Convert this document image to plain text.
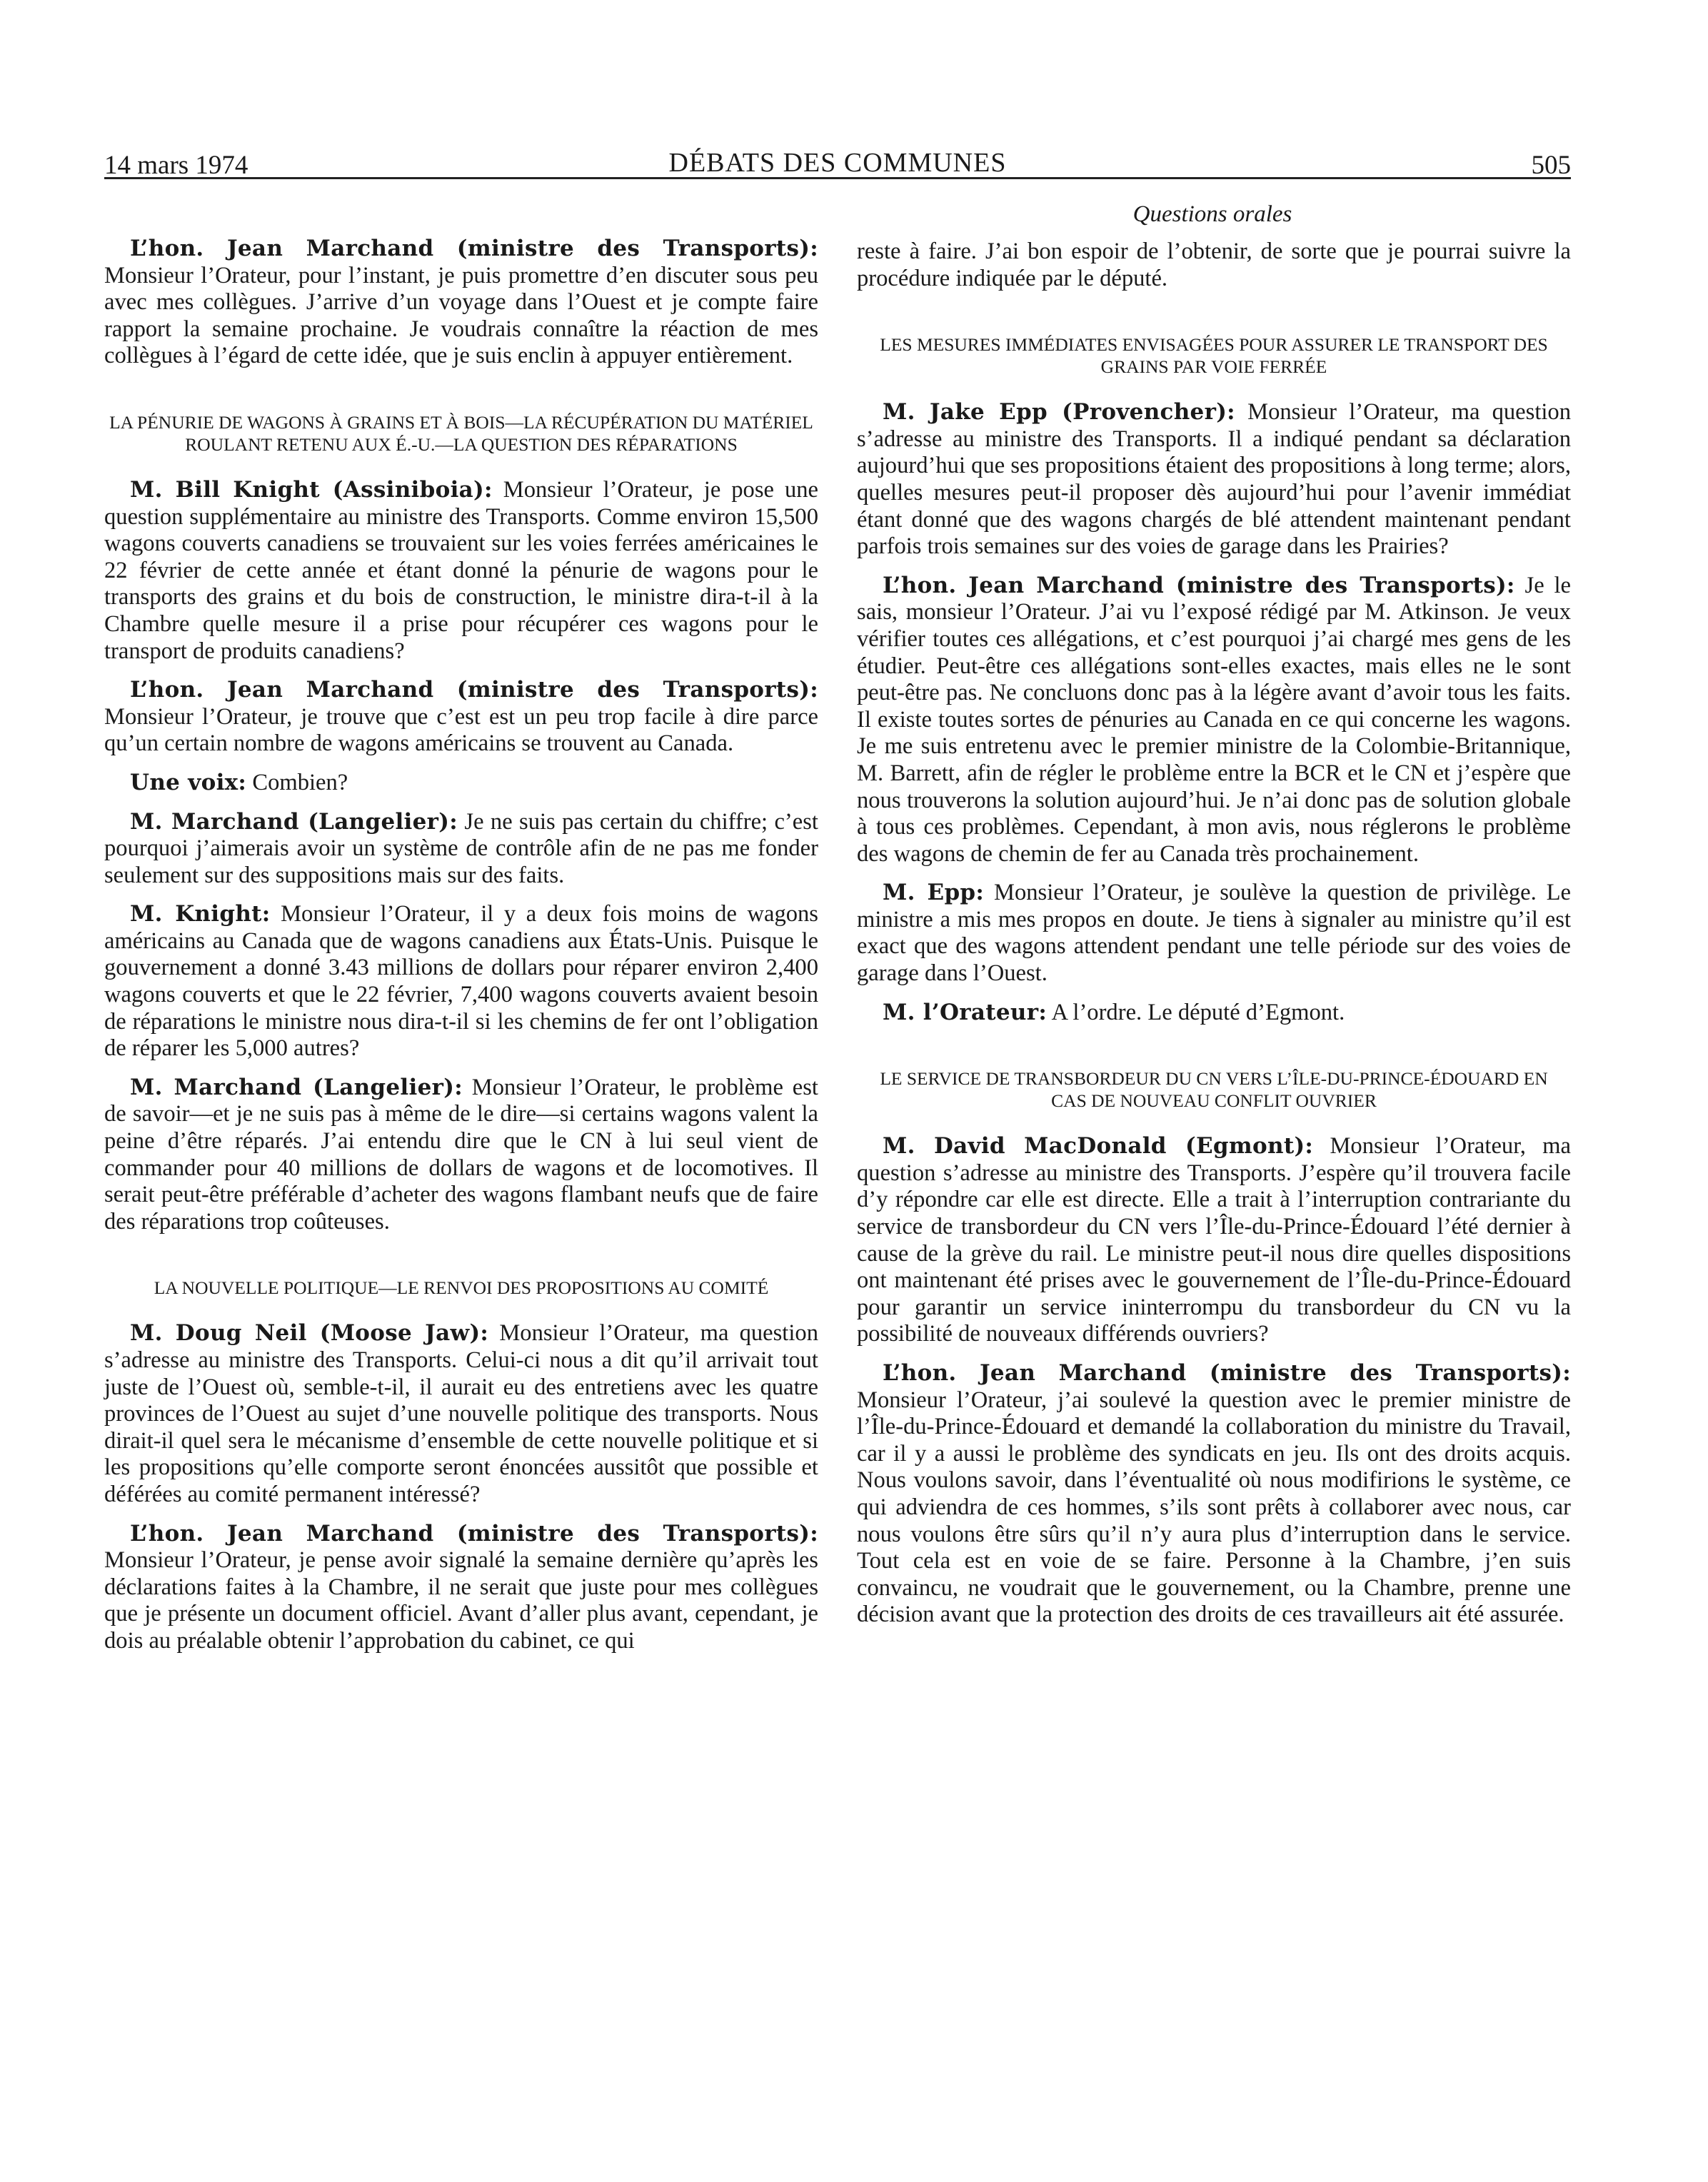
14 mars 1974	DÉBATS DES COMMUNES	505
Questions orales

L’hon. Jean Marchand (ministre des Transports): Monsieur l’Orateur, pour l’instant, je puis promettre d’en discuter sous peu avec mes collègues. J’arrive d’un voyage dans l’Ouest et je compte faire rapport la semaine prochaine. Je voudrais connaître la réaction de mes collègues à l’égard de cette idée, que je suis enclin à appuyer entièrement.

LA PÉNURIE DE WAGONS À GRAINS ET À BOIS—LA RÉCUPÉRATION DU MATÉRIEL ROULANT RETENU AUX É.-U.—LA QUESTION DES RÉPARATIONS

M. Bill Knight (Assiniboia): Monsieur l’Orateur, je pose une question supplémentaire au ministre des Transports. Comme environ 15,500 wagons couverts canadiens se trouvaient sur les voies ferrées américaines le 22 février de cette année et étant donné la pénurie de wagons pour le transports des grains et du bois de construction, le ministre dira-t-il à la Chambre quelle mesure il a prise pour récupérer ces wagons pour le transport de produits canadiens?

L’hon. Jean Marchand (ministre des Transports): Monsieur l’Orateur, je trouve que c’est est un peu trop facile à dire parce qu’un certain nombre de wagons américains se trouvent au Canada.

Une voix: Combien?

M. Marchand (Langelier): Je ne suis pas certain du chiffre; c’est pourquoi j’aimerais avoir un système de contrôle afin de ne pas me fonder seulement sur des suppositions mais sur des faits.

M. Knight: Monsieur l’Orateur, il y a deux fois moins de wagons américains au Canada que de wagons canadiens aux États-Unis. Puisque le gouvernement a donné 3.43 millions de dollars pour réparer environ 2,400 wagons couverts et que le 22 février, 7,400 wagons couverts avaient besoin de réparations le ministre nous dira-t-il si les chemins de fer ont l’obligation de réparer les 5,000 autres?

M. Marchand (Langelier): Monsieur l’Orateur, le problème est de savoir—et je ne suis pas à même de le dire—si certains wagons valent la peine d’être réparés. J’ai entendu dire que le CN à lui seul vient de commander pour 40 millions de dollars de wagons et de locomotives. Il serait peut-être préférable d’acheter des wagons flambant neufs que de faire des réparations trop coûteuses.

LA NOUVELLE POLITIQUE—LE RENVOI DES PROPOSITIONS AU COMITÉ

M. Doug Neil (Moose Jaw): Monsieur l’Orateur, ma question s’adresse au ministre des Transports. Celui-ci nous a dit qu’il arrivait tout juste de l’Ouest où, semble-t-il, il aurait eu des entretiens avec les quatre provinces de l’Ouest au sujet d’une nouvelle politique des transports. Nous dirait-il quel sera le mécanisme d’ensemble de cette nouvelle politique et si les propositions qu’elle comporte seront énoncées aussitôt que possible et déférées au comité permanent intéressé?

L’hon. Jean Marchand (ministre des Transports): Monsieur l’Orateur, je pense avoir signalé la semaine dernière qu’après les déclarations faites à la Chambre, il ne serait que juste pour mes collègues que je présente un document officiel. Avant d’aller plus avant, cependant, je dois au préalable obtenir l’approbation du cabinet, ce qui

reste à faire. J’ai bon espoir de l’obtenir, de sorte que je pourrai suivre la procédure indiquée par le député.

LES MESURES IMMÉDIATES ENVISAGÉES POUR ASSURER LE TRANSPORT DES GRAINS PAR VOIE FERRÉE

M. Jake Epp (Provencher): Monsieur l’Orateur, ma question s’adresse au ministre des Transports. Il a indiqué pendant sa déclaration aujourd’hui que ses propositions étaient des propositions à long terme; alors, quelles mesures peut-il proposer dès aujourd’hui pour l’avenir immédiat étant donné que des wagons chargés de blé attendent maintenant pendant parfois trois semaines sur des voies de garage dans les Prairies?

L’hon. Jean Marchand (ministre des Transports): Je le sais, monsieur l’Orateur. J’ai vu l’exposé rédigé par M. Atkinson. Je veux vérifier toutes ces allégations, et c’est pourquoi j’ai chargé mes gens de les étudier. Peut-être ces allégations sont-elles exactes, mais elles ne le sont peut-être pas. Ne concluons donc pas à la légère avant d’avoir tous les faits. Il existe toutes sortes de pénuries au Canada en ce qui concerne les wagons. Je me suis entretenu avec le premier ministre de la Colombie-Britannique, M. Barrett, afin de régler le problème entre la BCR et le CN et j’espère que nous trouverons la solution aujourd’hui. Je n’ai donc pas de solution globale à tous ces problèmes. Cependant, à mon avis, nous réglerons le problème des wagons de chemin de fer au Canada très prochainement.

M. Epp: Monsieur l’Orateur, je soulève la question de privilège. Le ministre a mis mes propos en doute. Je tiens à signaler au ministre qu’il est exact que des wagons attendent pendant une telle période sur des voies de garage dans l’Ouest.

M. l’Orateur: A l’ordre. Le député d’Egmont.

LE SERVICE DE TRANSBORDEUR DU CN VERS L’ÎLE-DU-PRINCE-ÉDOUARD EN CAS DE NOUVEAU CONFLIT OUVRIER

M. David MacDonald (Egmont): Monsieur l’Orateur, ma question s’adresse au ministre des Transports. J’espère qu’il trouvera facile d’y répondre car elle est directe. Elle a trait à l’interruption contrariante du service de transbordeur du CN vers l’Île-du-Prince-Édouard l’été dernier à cause de la grève du rail. Le ministre peut-il nous dire quelles dispositions ont maintenant été prises avec le gouvernement de l’Île-du-Prince-Édouard pour garantir un service ininterrompu du transbordeur du CN vu la possibilité de nouveaux différends ouvriers?

L’hon. Jean Marchand (ministre des Transports): Monsieur l’Orateur, j’ai soulevé la question avec le premier ministre de l’Île-du-Prince-Édouard et demandé la collaboration du ministre du Travail, car il y a aussi le problème des syndicats en jeu. Ils ont des droits acquis. Nous voulons savoir, dans l’éventualité où nous modifirions le système, ce qui adviendra de ces hommes, s’ils sont prêts à collaborer avec nous, car nous voulons être sûrs qu’il n’y aura plus d’interruption dans le service. Tout cela est en voie de se faire. Personne à la Chambre, j’en suis convaincu, ne voudrait que le gouvernement, ou la Chambre, prenne une décision avant que la protection des droits de ces travailleurs ait été assurée.
